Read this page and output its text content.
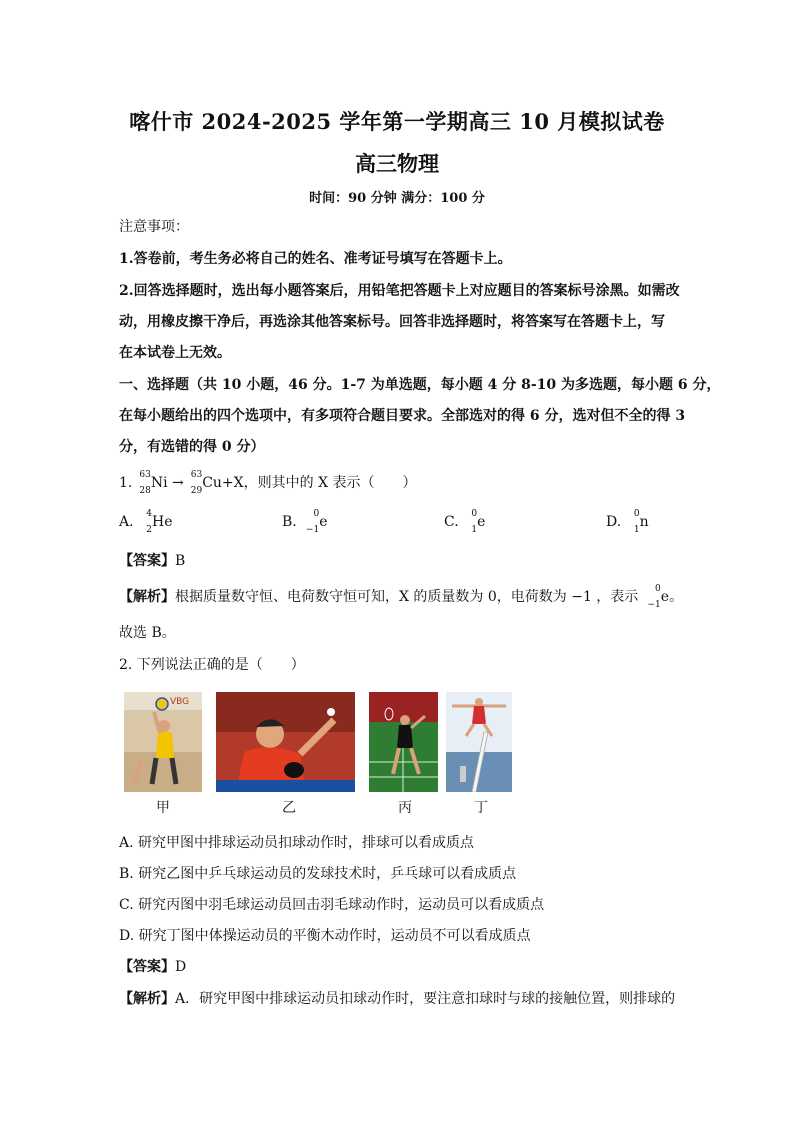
喀什市 2024-2025 学年第一学期高三 10 月模拟试卷
高三物理
时间：90 分钟 满分：100 分
注意事项：
1.答卷前，考生务必将自己的姓名、准考证号填写在答题卡上。
2.回答选择题时，选出每小题答案后，用铅笔把答题卡上对应题目的答案标号涂黑。如需改
动，用橡皮擦干净后，再选涂其他答案标号。回答非选择题时，将答案写在答题卡上，写
在本试卷上无效。
一、选择题（共 10 小题，46 分。1-7 为单选题，每小题 4 分 8-10 为多选题，每小题 6 分，
在每小题给出的四个选项中，有多项符合题目要求。全部选对的得 6 分，选对但不全的得 3
分，有选错的得 0 分）
1. 63
28 Ni → 63
29 Cu+X，则其中的 X 表示（　　）
A. 4
2 He	B. 0
−1 e	C. 0
1 e	D. 0
1 n
【答案】B
【解析】根据质量数守恒、电荷数守恒可知，X 的质量数为 0，电荷数为 −1 ，表示 0
−1 e。
故选 B。
2. 下列说法正确的是（　　）
VBG
甲	乙	丙	丁
A. 研究甲图中排球运动员扣球动作时，排球可以看成质点
B. 研究乙图中乒乓球运动员的发球技术时，乒乓球可以看成质点
C. 研究丙图中羽毛球运动员回击羽毛球动作时，运动员可以看成质点
D. 研究丁图中体操运动员的平衡木动作时，运动员不可以看成质点
【答案】D
【解析】A．研究甲图中排球运动员扣球动作时，要注意扣球时与球的接触位置，则排球的
